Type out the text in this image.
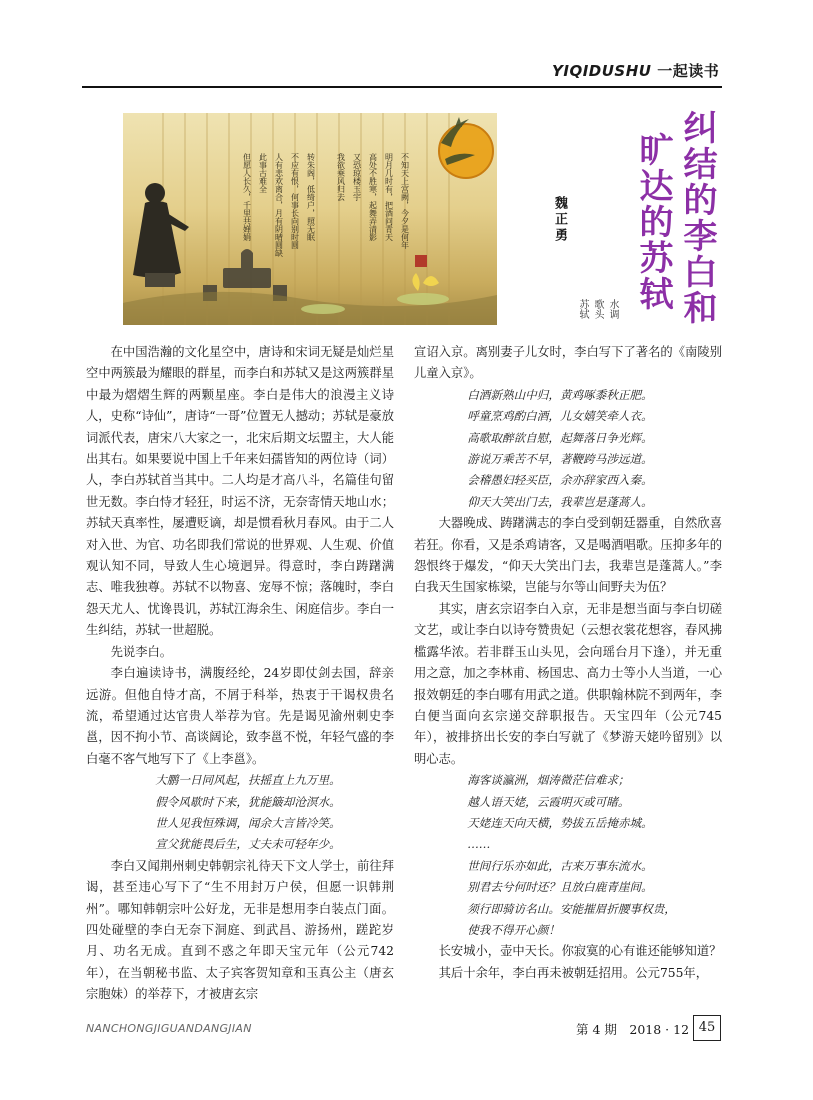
YIQIDUSHU 一起读书
转朱阁，低绮户，照无眠
不应有恨，何事长向别时圆
人有悲欢离合，月有阴晴圆缺
此事古难全
但愿人长久，千里共婵娟	我欲乘风归去 又恐琼楼玉宇 高处不胜寒，起舞弄清影 明月几时有，把酒问青天 不知天上宫阙，今夕是何年
水调歌头 苏轼	纠结的李白和
旷达的苏轼
魏正勇

在中国浩瀚的文化星空中，唐诗和宋词无疑是灿烂星空中两簇最为耀眼的群星，而李白和苏轼又是这两簇群星中最为熠熠生辉的两颗星座。李白是伟大的浪漫主义诗人，史称“诗仙”，唐诗“一哥”位置无人撼动；苏轼是豪放词派代表，唐宋八大家之一，北宋后期文坛盟主，大人能出其右。如果要说中国上千年来妇孺皆知的两位诗（词）人，李白苏轼首当其中。二人均是才高八斗，名篇佳句留世无数。李白恃才轻狂，时运不济，无奈寄情天地山水；苏轼天真率性，屡遭贬谪，却是惯看秋月春风。由于二人对入世、为官、功名即我们常说的世界观、人生观、价值观认知不同，导致人生心境迥异。得意时，李白踌躇满志、唯我独尊。苏轼不以物喜、宠辱不惊；落魄时，李白怨天尤人、忧谗畏讥，苏轼江海余生、闲庭信步。李白一生纠结，苏轼一世超脱。

先说李白。

李白遍读诗书，满腹经纶，24岁即仗剑去国，辞亲远游。但他自恃才高，不屑于科举，热衷于干谒权贵名流，希望通过达官贵人举荐为官。先是谒见渝州刺史李邕，因不拘小节、高谈阔论，致李邕不悦，年轻气盛的李白毫不客气地写下了《上李邕》。

大鹏一日同风起，扶摇直上九万里。

假令风歇时下来，犹能簸却沧溟水。

世人见我恒殊调，闻余大言皆冷笑。

宣父犹能畏后生，丈夫未可轻年少。

李白又闻荆州刺史韩朝宗礼待天下文人学士，前往拜谒，甚至违心写下了“生不用封万户侯，但愿一识韩荆州”。哪知韩朝宗叶公好龙，无非是想用李白装点门面。四处碰壁的李白无奈下洞庭、到武昌、游扬州，蹉跎岁月、功名无成。直到不惑之年即天宝元年（公元742年），在当朝秘书监、太子宾客贺知章和玉真公主（唐玄宗胞妹）的举荐下，才被唐玄宗

宣诏入京。离别妻子儿女时，李白写下了著名的《南陵别儿童入京》。

白酒新熟山中归，黄鸡啄黍秋正肥。

呼童烹鸡酌白酒，儿女嬉笑牵人衣。

高歌取醉欲自慰，起舞落日争光辉。

游说万乘苦不早，著鞭跨马涉远道。

会稽愚妇轻买臣，余亦辞家西入秦。

仰天大笑出门去，我辈岂是蓬蒿人。

大器晚成、踌躇满志的李白受到朝廷器重，自然欣喜若狂。你看，又是杀鸡请客，又是喝酒唱歌。压抑多年的怨恨终于爆发，“仰天大笑出门去，我辈岂是蓬蒿人。”李白我天生国家栋梁，岂能与尔等山间野夫为伍？

其实，唐玄宗诏李白入京，无非是想当面与李白切磋文艺，或让李白以诗夸赞贵妃（云想衣裳花想容，春风拂槛露华浓。若非群玉山头见，会向瑶台月下逢），并无重用之意，加之李林甫、杨国忠、高力士等小人当道，一心报效朝廷的李白哪有用武之道。供职翰林院不到两年，李白便当面向玄宗递交辞职报告。天宝四年（公元745年），被排挤出长安的李白写就了《梦游天姥吟留别》以明心志。

海客谈瀛洲，烟涛微茫信难求；

越人语天姥，云霞明灭或可睹。

天姥连天向天横，势拔五岳掩赤城。

……

世间行乐亦如此，古来万事东流水。

别君去兮何时还？且放白鹿青崖间。

须行即骑访名山。安能摧眉折腰事权贵，

使我不得开心颜！

长安城小，壶中天长。你寂寞的心有谁还能够知道？

其后十余年，李白再未被朝廷招用。公元755年，

NANCHONGJIGUANDANGJIAN	第 4 期　2018 · 12 45
